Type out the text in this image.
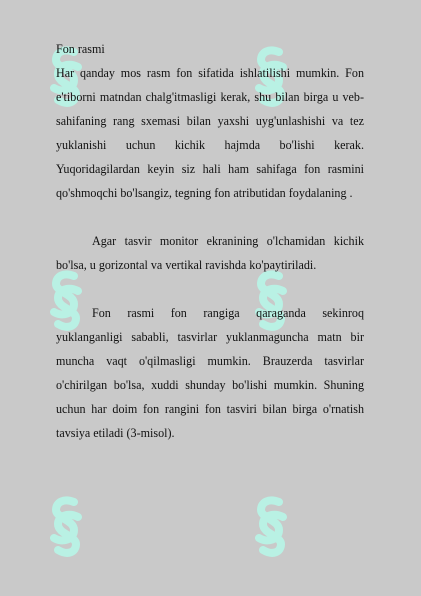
Fon rasmi

Har qanday mos rasm fon sifatida ishlatilishi mumkin. Fon e'tiborni matndan chalg'itmasligi kerak, shu bilan birga u veb-sahifaning rang sxemasi bilan yaxshi uyg'unlashishi va tez yuklanishi uchun kichik hajmda bo'lishi kerak. Yuqoridagilardan keyin siz hali ham sahifaga fon rasmini qo'shmoqchi bo'lsangiz, tegning fon atributidan foydalaning .

Agar tasvir monitor ekranining o'lchamidan kichik bo'lsa, u gorizontal va vertikal ravishda ko'paytiriladi.

Fon rasmi fon rangiga qaraganda sekinroq yuklanganligi sababli, tasvirlar yuklanmaguncha matn bir muncha vaqt o'qilmasligi mumkin. Brauzerda tasvirlar o'chirilgan bo'lsa, xuddi shunday bo'lishi mumkin. Shuning uchun har doim fon rangini fon tasviri bilan birga o'rnatish tavsiya etiladi (3-misol).
